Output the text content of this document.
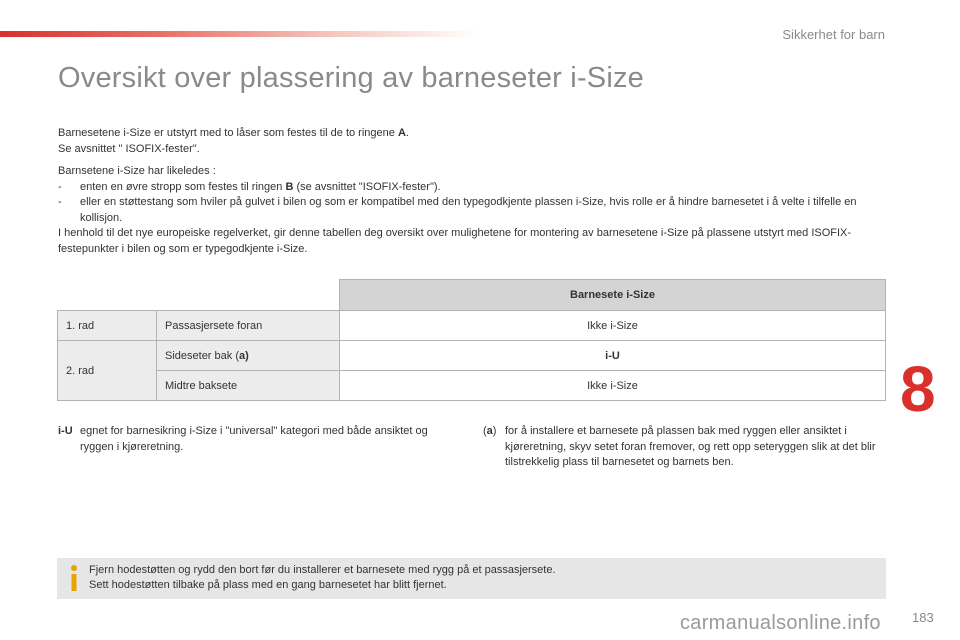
Sikkerhet for barn
Oversikt over plassering av barneseter i-Size

Barnesetene i-Size er utstyrt med to låser som festes til de to ringene A.

Se avsnittet " ISOFIX-fester".

Barnsetene i-Size har likeledes :

- enten en øvre stropp som festes til ringen B (se avsnittet "ISOFIX-fester").

- eller en støttestang som hviler på gulvet i bilen og som er kompatibel med den typegodkjente plassen i-Size, hvis rolle er å hindre barnesetet i å velte i tilfelle en kollisjon.

I henhold til det nye europeiske regelverket, gir denne tabellen deg oversikt over mulighetene for montering av barnesetene i-Size på plassene utstyrt med ISOFIX-festepunkter i bilen og som er typegodkjente i-Size.

		Barnesete i-Size
1. rad	Passasjersete foran	Ikke i-Size
2. rad	Sideseter bak (a)	i-U
	Midtre baksete	Ikke i-Size
i-U egnet for barnesikring i-Size i "universal" kategori med både ansiktet og ryggen i kjøreretning.
(a) for å installere et barnesete på plassen bak med ryggen eller ansiktet i kjøreretning, skyv setet foran fremover, og rett opp seteryggen slik at det blir tilstrekkelig plass til barnesetet og barnets ben.
8
Fjern hodestøtten og rydd den bort før du installerer et barnesete med rygg på et passasjersete.
Sett hodestøtten tilbake på plass med en gang barnesetet har blitt fjernet.
carmanualsonline.info 183
